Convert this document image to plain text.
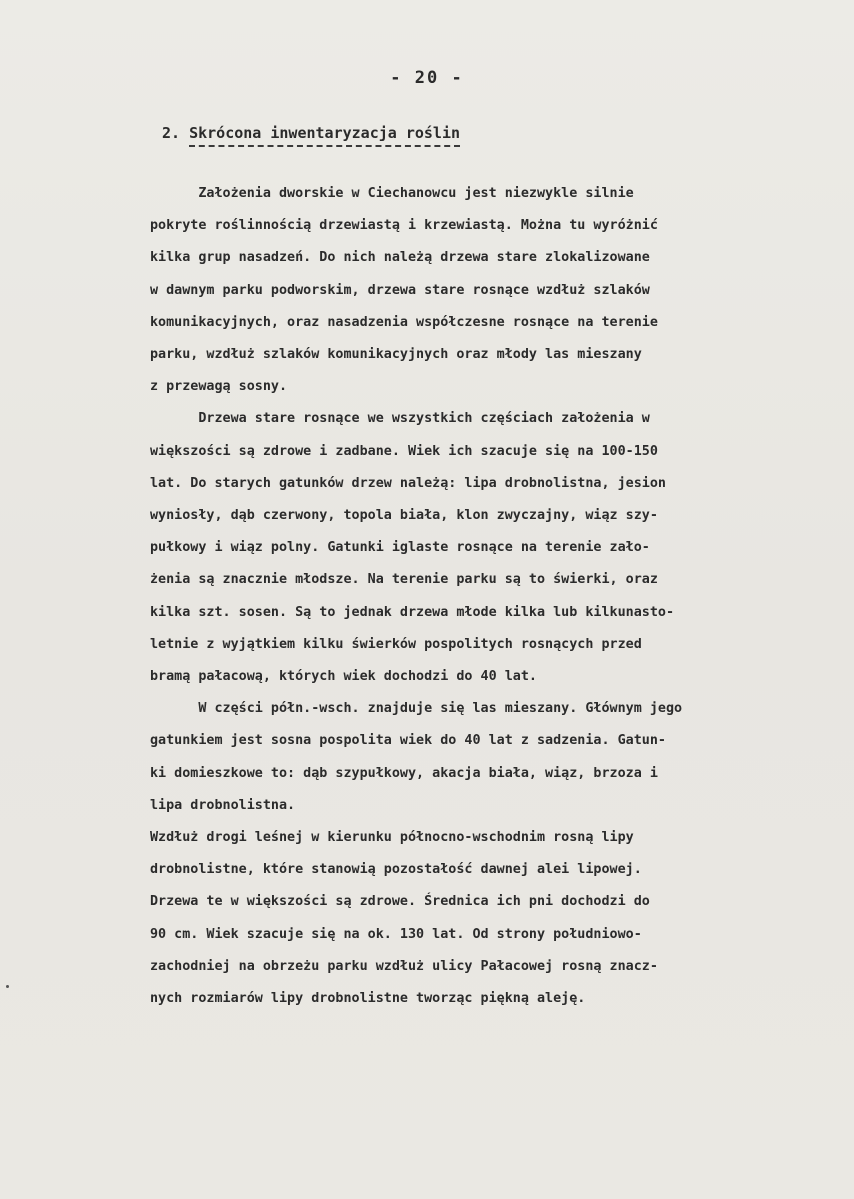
- 20 -
2. Skrócona inwentaryzacja roślin

Założenia dworskie w Ciechanowcu jest niezwykle silnie

pokryte roślinnością drzewiastą i krzewiastą. Można tu wyróżnić

kilka grup nasadzeń. Do nich należą drzewa stare zlokalizowane

w dawnym parku podworskim, drzewa stare rosnące wzdłuż szlaków

komunikacyjnych, oraz nasadzenia współczesne rosnące na terenie

parku, wzdłuż szlaków komunikacyjnych oraz młody las mieszany

z przewagą sosny.

Drzewa stare rosnące we wszystkich częściach założenia w

większości są zdrowe i zadbane. Wiek ich szacuje się na 100-150

lat. Do starych gatunków drzew należą: lipa drobnolistna, jesion

wyniosły, dąb czerwony, topola biała, klon zwyczajny, wiąz szy-

pułkowy i wiąz polny. Gatunki iglaste rosnące na terenie zało-

żenia są znacznie młodsze. Na terenie parku są to świerki, oraz

kilka szt. sosen. Są to jednak drzewa młode kilka lub kilkunasto-

letnie z wyjątkiem kilku świerków pospolitych rosnących przed

bramą pałacową, których wiek dochodzi do 40 lat.

W części półn.-wsch. znajduje się las mieszany. Głównym jego

gatunkiem jest sosna pospolita wiek do 40 lat z sadzenia. Gatun-

ki domieszkowe to: dąb szypułkowy, akacja biała, wiąz, brzoza i

lipa drobnolistna.

Wzdłuż drogi leśnej w kierunku północno-wschodnim rosną lipy

drobnolistne, które stanowią pozostałość dawnej alei lipowej.

Drzewa te w większości są zdrowe. Średnica ich pni dochodzi do

90 cm. Wiek szacuje się na ok. 130 lat. Od strony południowo-

zachodniej na obrzeżu parku wzdłuż ulicy Pałacowej rosną znacz-

nych rozmiarów lipy drobnolistne tworząc piękną aleję.
